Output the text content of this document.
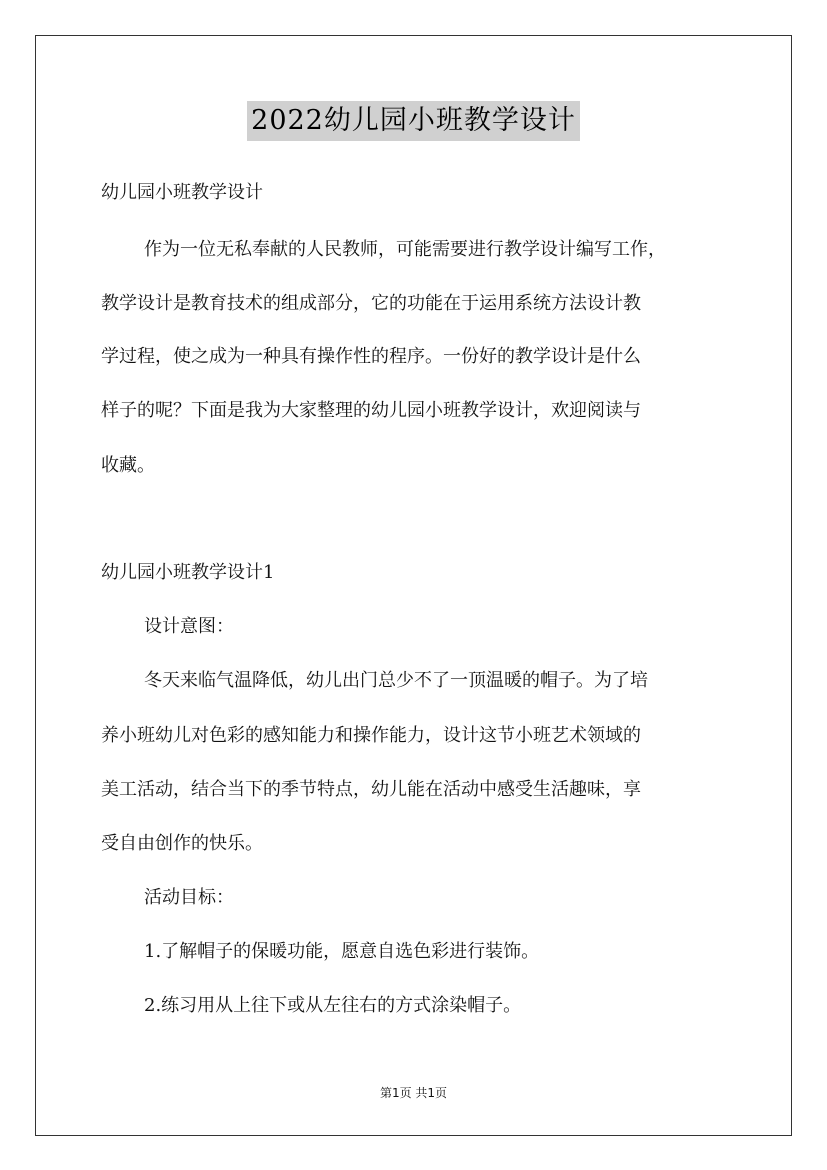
2022幼儿园小班教学设计
幼儿园小班教学设计
作为一位无私奉献的人民教师，可能需要进行教学设计编写工作，
教学设计是教育技术的组成部分，它的功能在于运用系统方法设计教
学过程，使之成为一种具有操作性的程序。一份好的教学设计是什么
样子的呢？下面是我为大家整理的幼儿园小班教学设计，欢迎阅读与
收藏。
幼儿园小班教学设计1
设计意图：
冬天来临气温降低，幼儿出门总少不了一顶温暖的帽子。为了培
养小班幼儿对色彩的感知能力和操作能力，设计这节小班艺术领域的
美工活动，结合当下的季节特点，幼儿能在活动中感受生活趣味，享
受自由创作的快乐。
活动目标：
1.了解帽子的保暖功能，愿意自选色彩进行装饰。
2.练习用从上往下或从左往右的方式涂染帽子。
第1页 共1页
